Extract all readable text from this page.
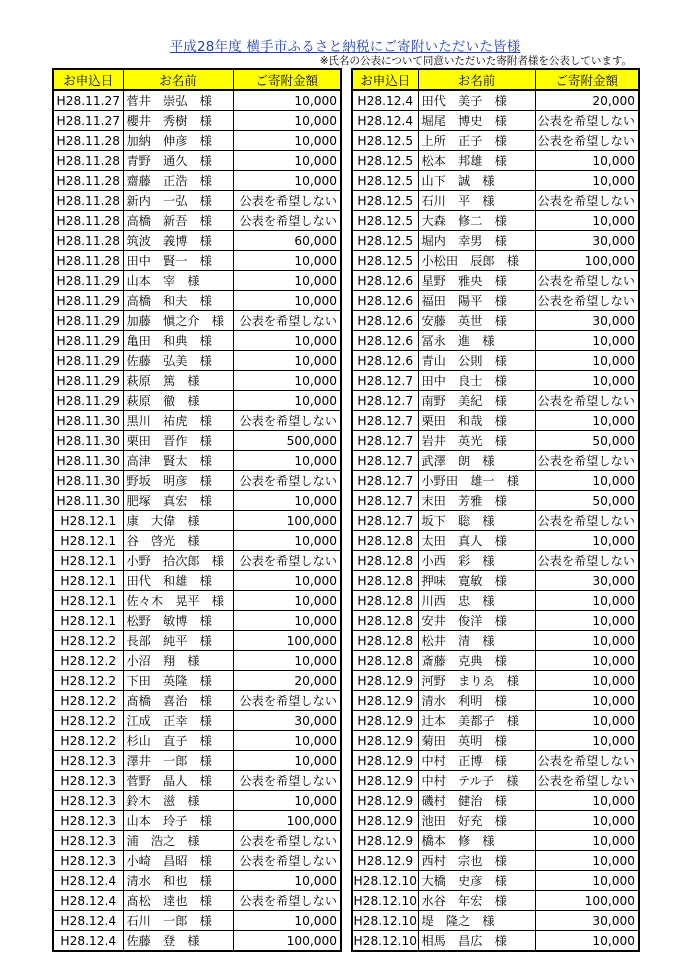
平成28年度 横手市ふるさと納税にご寄附いただいた皆様
※氏名の公表について同意いただいた寄附者様を公表しています。
お申込日	お名前	ご寄附金額
H28.11.27	菅井　崇弘　様	10,000
H28.11.27	櫻井　秀樹　様	10,000
H28.11.28	加納　伸彦　様	10,000
H28.11.28	青野　通久　様	10,000
H28.11.28	齋藤　正浩　様	10,000
H28.11.28	新内　一弘　様	公表を希望しない
H28.11.28	高橋　新吾　様	公表を希望しない
H28.11.28	筑波　義博　様	60,000
H28.11.28	田中　賢一　様	10,000
H28.11.29	山本　宰　様	10,000
H28.11.29	高橋　和夫　様	10,000
H28.11.29	加藤　愼之介　様	公表を希望しない
H28.11.29	亀田　和典　様	10,000
H28.11.29	佐藤　弘美　様	10,000
H28.11.29	萩原　篤　様	10,000
H28.11.29	萩原　徹　様	10,000
H28.11.30	黒川　祐虎　様	公表を希望しない
H28.11.30	栗田　晋作　様	500,000
H28.11.30	高津　賢太　様	10,000
H28.11.30	野坂　明彦　様	公表を希望しない
H28.11.30	肥塚　真宏　様	10,000
H28.12.1	康　大偉　様	100,000
H28.12.1	谷　啓光　様	10,000
H28.12.1	小野　拾次郎　様	公表を希望しない
H28.12.1	田代　和雄　様	10,000
H28.12.1	佐々木　晃平　様	10,000
H28.12.1	松野　敏博　様	10,000
H28.12.2	長部　純平　様	100,000
H28.12.2	小沼　翔　様	10,000
H28.12.2	下田　英隆　様	20,000
H28.12.2	髙橋　喜治　様	公表を希望しない
H28.12.2	江成　正幸　様	30,000
H28.12.2	杉山　直子　様	10,000
H28.12.3	澤井　一郎　様	10,000
H28.12.3	菅野　晶人　様	公表を希望しない
H28.12.3	鈴木　滋　様	10,000
H28.12.3	山本　玲子　様	100,000
H28.12.3	浦　浩之　様	公表を希望しない
H28.12.3	小崎　昌昭　様	公表を希望しない
H28.12.4	清水　和也　様	10,000
H28.12.4	髙松　達也　様	公表を希望しない
H28.12.4	石川　一郎　様	10,000
H28.12.4	佐藤　登　様	100,000
お申込日	お名前	ご寄附金額
H28.12.4	田代　美子　様	20,000
H28.12.4	堀尾　博史　様	公表を希望しない
H28.12.5	上所　正子　様	公表を希望しない
H28.12.5	松本　邦雄　様	10,000
H28.12.5	山下　誠　様	10,000
H28.12.5	石川　平　様	公表を希望しない
H28.12.5	大森　修二　様	10,000
H28.12.5	堀内　幸男　様	30,000
H28.12.5	小松田　辰郎　様	100,000
H28.12.6	星野　雅央　様	公表を希望しない
H28.12.6	福田　陽平　様	公表を希望しない
H28.12.6	安藤　英世　様	30,000
H28.12.6	冨永　進　様	10,000
H28.12.6	青山　公則　様	10,000
H28.12.7	田中　良士　様	10,000
H28.12.7	南野　美紀　様	公表を希望しない
H28.12.7	栗田　和哉　様	10,000
H28.12.7	岩井　英光　様	50,000
H28.12.7	武澤　朗　様	公表を希望しない
H28.12.7	小野田　雄一　様	10,000
H28.12.7	末田　芳雅　様	50,000
H28.12.7	坂下　聡　様	公表を希望しない
H28.12.8	太田　真人　様	10,000
H28.12.8	小西　彩　様	公表を希望しない
H28.12.8	押味　寛敏　様	30,000
H28.12.8	川西　忠　様	10,000
H28.12.8	安井　俊洋　様	10,000
H28.12.8	松井　清　様	10,000
H28.12.8	斎藤　克典　様	10,000
H28.12.9	河野　まりゑ　様	10,000
H28.12.9	清水　利明　様	10,000
H28.12.9	辻本　美都子　様	10,000
H28.12.9	菊田　英明　様	10,000
H28.12.9	中村　正博　様	公表を希望しない
H28.12.9	中村　テル子　様	公表を希望しない
H28.12.9	磯村　健治　様	10,000
H28.12.9	池田　好充　様	10,000
H28.12.9	橋本　修　様	10,000
H28.12.9	西村　宗也　様	10,000
H28.12.10	大橋　史彦　様	10,000
H28.12.10	水谷　年宏　様	100,000
H28.12.10	堤　隆之　様	30,000
H28.12.10	相馬　昌広　様	10,000
